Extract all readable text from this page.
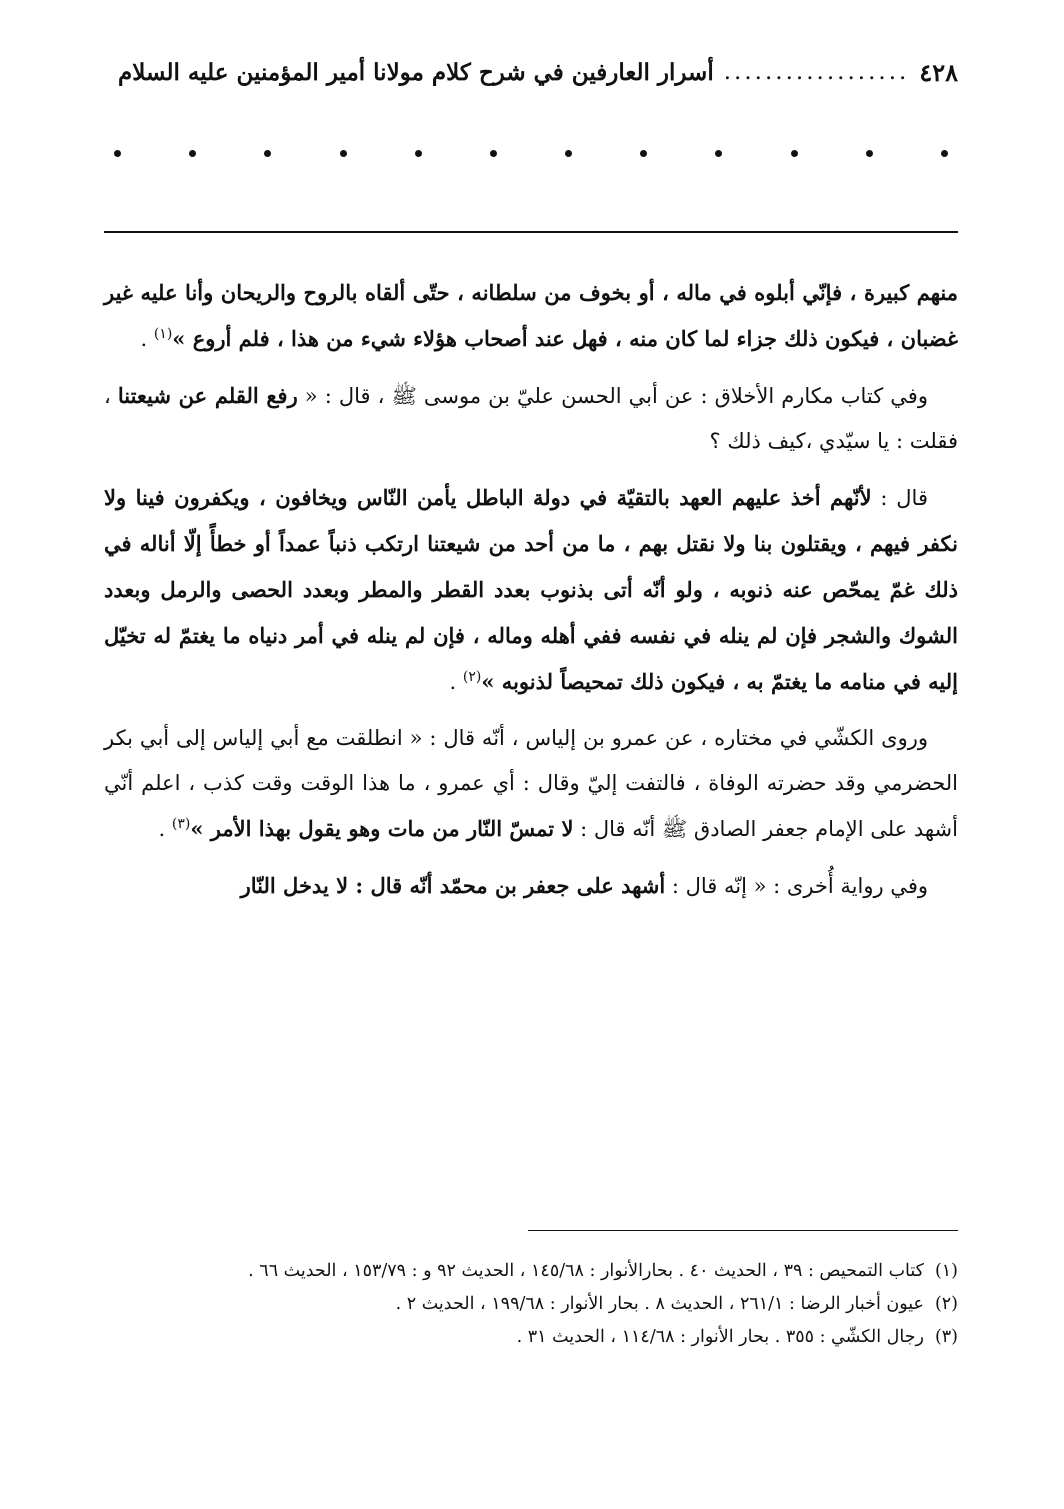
٤٢٨
..................
أسرار العارفين في شرح كلام مولانا أمير المؤمنين عليه السلام

منهم كبيرة ، فإنّي أبلوه في ماله ، أو بخوف من سلطانه ، حتّى ألقاه بالروح والريحان وأنا عليه غير غضبان ، فيكون ذلك جزاء لما كان منه ، فهل عند أصحاب هؤلاء شيء من هذا ، فلم أروع »$^{(١)}$ .

وفي كتاب مكارم الأخلاق : عن أبي الحسن عليّ بن موسى ﷺ ، قال : « رفع القلم عن شيعتنا ، فقلت : يا سيّدي ،كيف ذلك ؟

قال : لأنّهم أخذ عليهم العهد بالتقيّة في دولة الباطل يأمن النّاس ويخافون ، ويكفرون فينا ولا نكفر فيهم ، ويقتلون بنا ولا نقتل بهم ، ما من أحد من شيعتنا ارتكب ذنباً عمداً أو خطأً إلّا أناله في ذلك غمّ يمحّص عنه ذنوبه ، ولو أنّه أتى بذنوب بعدد القطر والمطر وبعدد الحصى والرمل وبعدد الشوك والشجر فإن لم ينله في نفسه ففي أهله وماله ، فإن لم ينله في أمر دنياه ما يغتمّ له تخيّل إليه في منامه ما يغتمّ به ، فيكون ذلك تمحيصاً لذنوبه »$^{(٢)}$ .

وروى الكشّي في مختاره ، عن عمرو بن إلياس ، أنّه قال : « انطلقت مع أبي إلياس إلى أبي بكر الحضرمي وقد حضرته الوفاة ، فالتفت إليّ وقال : أي عمرو ، ما هذا الوقت وقت كذب ، اعلم أنّي أشهد على الإمام جعفر الصادق ﷺ أنّه قال : لا تمسّ النّار من مات وهو يقول بهذا الأمر »$^{(٣)}$ .

وفي رواية أُخرى : « إنّه قال : أشهد على جعفر بن محمّد أنّه قال : لا يدخل النّار

(١)
كتاب التمحيص : ٣٩ ، الحديث ٤٠ . بحارالأنوار : ١٤٥/٦٨ ، الحديث ٩٢ و : ١٥٣/٧٩ ، الحديث ٦٦ .
(٢)
عيون أخبار الرضا : ٢٦١/١ ، الحديث ٨ . بحار الأنوار : ١٩٩/٦٨ ، الحديث ٢ .
(٣)
رجال الكشّي : ٣٥٥ . بحار الأنوار : ١١٤/٦٨ ، الحديث ٣١ .
